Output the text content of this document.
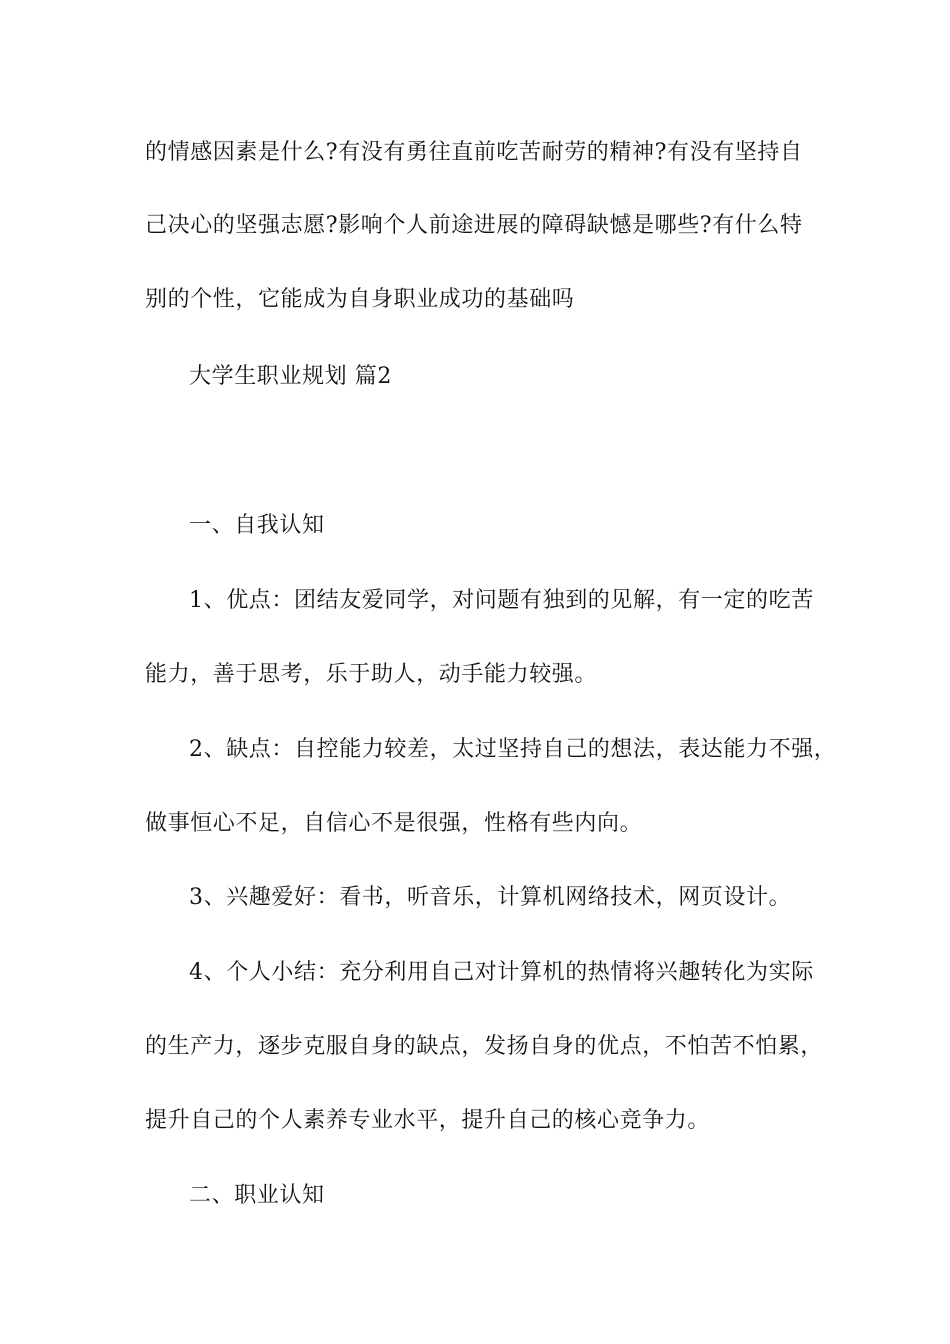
的情感因素是什么?有没有勇往直前吃苦耐劳的精神?有没有坚持自
己决心的坚强志愿?影响个人前途进展的障碍缺憾是哪些?有什么特
别的个性，它能成为自身职业成功的基础吗
大学生职业规划 篇2
一、自我认知
1、优点：团结友爱同学，对问题有独到的见解，有一定的吃苦
能力，善于思考，乐于助人，动手能力较强。
2、缺点：自控能力较差，太过坚持自己的想法，表达能力不强，
做事恒心不足，自信心不是很强，性格有些内向。
3、兴趣爱好：看书，听音乐，计算机网络技术，网页设计。
4、个人小结：充分利用自己对计算机的热情将兴趣转化为实际
的生产力，逐步克服自身的缺点，发扬自身的优点，不怕苦不怕累，
提升自己的个人素养专业水平，提升自己的核心竞争力。
二、职业认知
